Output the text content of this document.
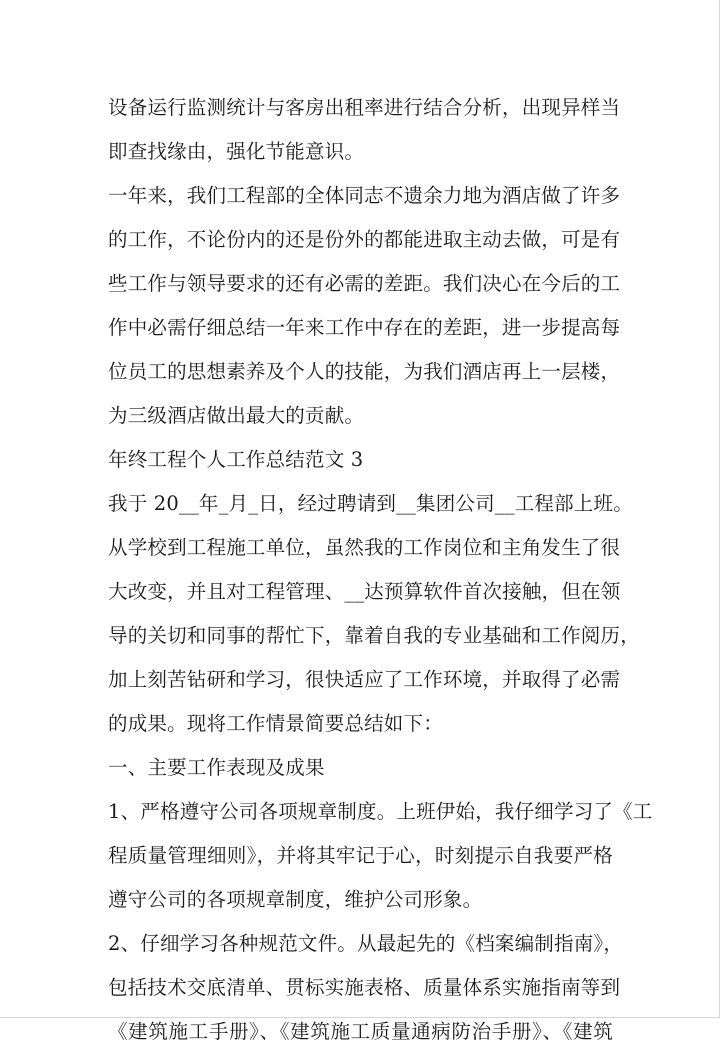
设备运行监测统计与客房出租率进行结合分析，出现异样当
即查找缘由，强化节能意识。
一年来，我们工程部的全体同志不遗余力地为酒店做了许多
的工作，不论份内的还是份外的都能进取主动去做，可是有
些工作与领导要求的还有必需的差距。我们决心在今后的工
作中必需仔细总结一年来工作中存在的差距，进一步提高每
位员工的思想素养及个人的技能，为我们酒店再上一层楼，
为三级酒店做出最大的贡献。
年终工程个人工作总结范文 3
我于 20__年_月_日，经过聘请到__集团公司__工程部上班。
从学校到工程施工单位，虽然我的工作岗位和主角发生了很
大改变，并且对工程管理、__达预算软件首次接触，但在领
导的关切和同事的帮忙下，靠着自我的专业基础和工作阅历，
加上刻苦钻研和学习，很快适应了工作环境，并取得了必需
的成果。现将工作情景简要总结如下：
一、主要工作表现及成果
1、严格遵守公司各项规章制度。上班伊始，我仔细学习了《工
程质量管理细则》，并将其牢记于心，时刻提示自我要严格
遵守公司的各项规章制度，维护公司形象。
2、仔细学习各种规范文件。从最起先的《档案编制指南》，
包括技术交底清单、贯标实施表格、质量体系实施指南等到
《建筑施工手册》、《建筑施工质量通病防治手册》、《建筑
